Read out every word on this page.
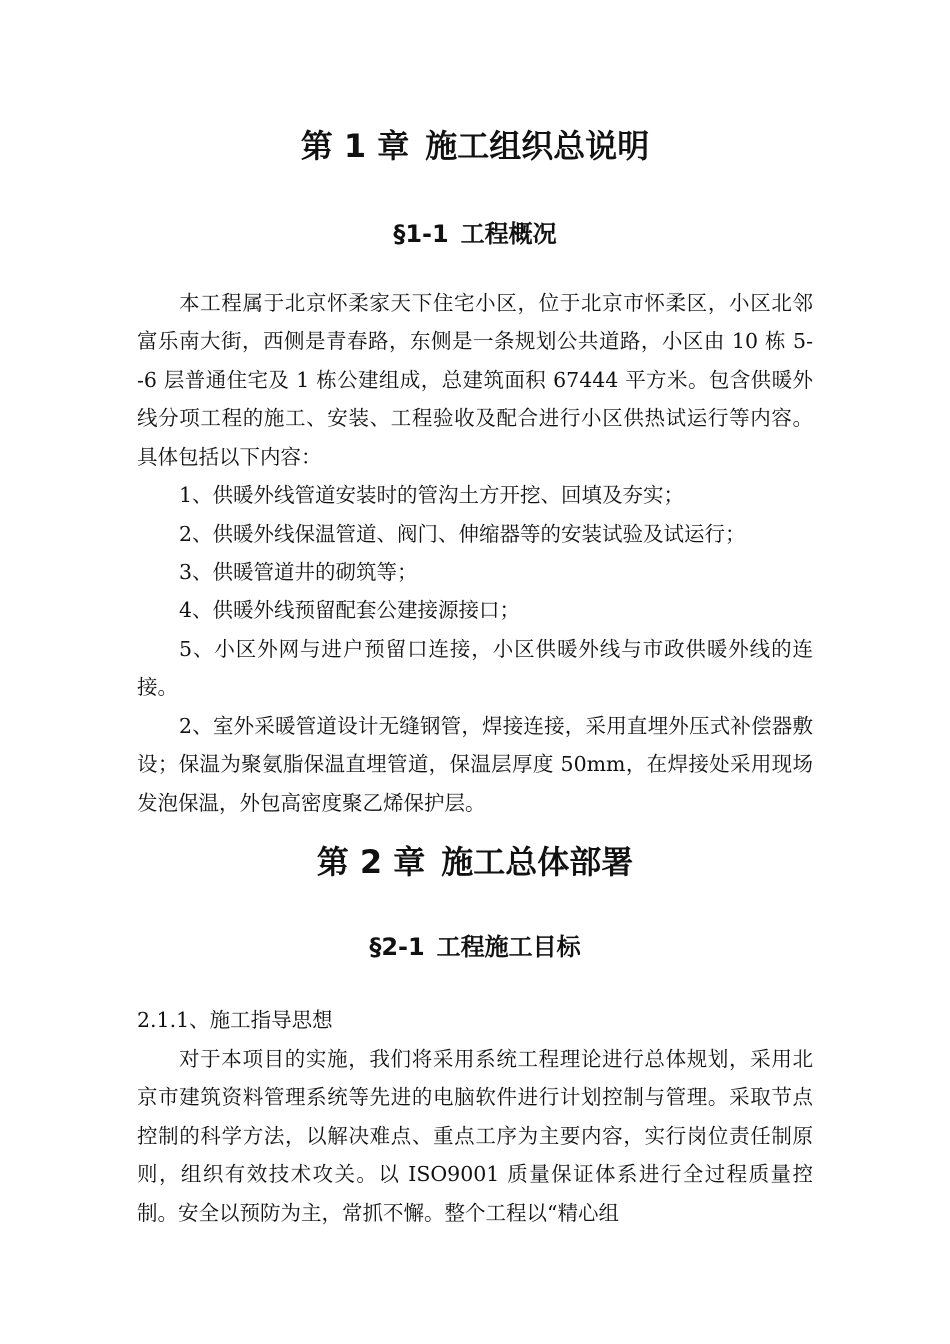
第 1 章 施工组织总说明
§1-1 工程概况

本工程属于北京怀柔家天下住宅小区，位于北京市怀柔区，小区北邻富乐南大街，西侧是青春路，东侧是一条规划公共道路，小区由 10 栋 5--6 层普通住宅及 1 栋公建组成，总建筑面积 67444 平方米。包含供暖外线分项工程的施工、安装、工程验收及配合进行小区供热试运行等内容。具体包括以下内容：

1、供暖外线管道安装时的管沟土方开挖、回填及夯实；

2、供暖外线保温管道、阀门、伸缩器等的安装试验及试运行；

3、供暖管道井的砌筑等；

4、供暖外线预留配套公建接源接口；

5、小区外网与进户预留口连接，小区供暖外线与市政供暖外线的连接。

2、室外采暖管道设计无缝钢管，焊接连接，采用直埋外压式补偿器敷设；保温为聚氨脂保温直埋管道，保温层厚度 50mm，在焊接处采用现场发泡保温，外包高密度聚乙烯保护层。

第 2 章 施工总体部署
§2-1 工程施工目标

2.1.1、施工指导思想

对于本项目的实施，我们将采用系统工程理论进行总体规划，采用北京市建筑资料管理系统等先进的电脑软件进行计划控制与管理。采取节点控制的科学方法，以解决难点、重点工序为主要内容，实行岗位责任制原则，组织有效技术攻关。以 ISO9001 质量保证体系进行全过程质量控制。安全以预防为主，常抓不懈。整个工程以“精心组
